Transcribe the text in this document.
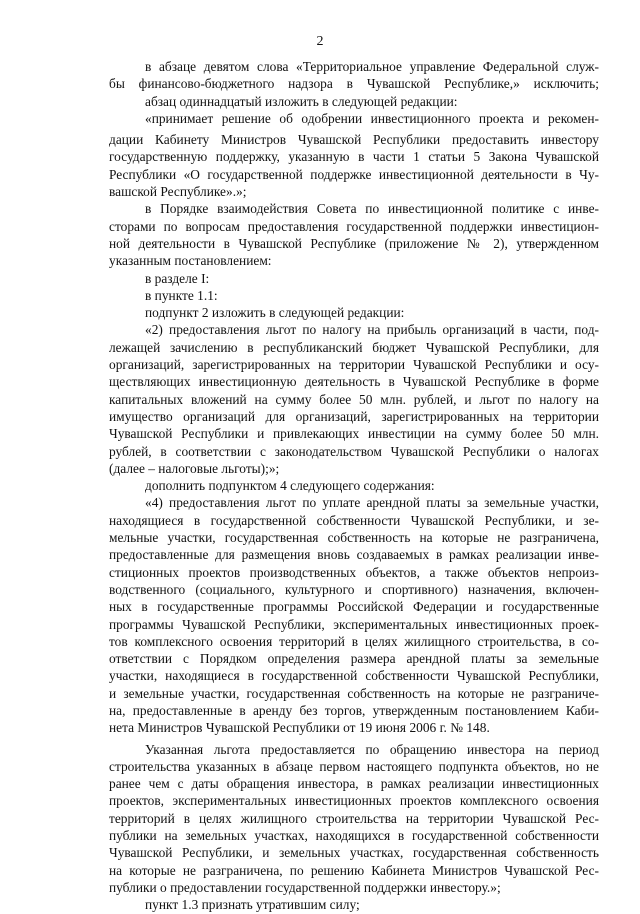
2
в абзаце девятом слова «Территориальное управление Федеральной служ-
бы финансово-бюджетного надзора в Чувашской Республике,» исключить;
абзац одиннадцатый изложить в следующей редакции:
«принимает решение об одобрении инвестиционного проекта и рекомен-
дации Кабинету Министров Чувашской Республики предоставить инвестору
государственную поддержку, указанную в части 1 статьи 5 Закона Чувашской
Республики «О государственной поддержке инвестиционной деятельности в Чу-
вашской Республике».»;
в Порядке взаимодействия Совета по инвестиционной политике с инве-
сторами по вопросам предоставления государственной поддержки инвестицион-
ной деятельности в Чувашской Республике (приложение № 2), утвержденном
указанным постановлением:
в разделе I:
в пункте 1.1:
подпункт 2 изложить в следующей редакции:
«2) предоставления льгот по налогу на прибыль организаций в части, под-
лежащей зачислению в республиканский бюджет Чувашской Республики, для
организаций, зарегистрированных на территории Чувашской Республики и осу-
ществляющих инвестиционную деятельность в Чувашской Республике в форме
капитальных вложений на сумму более 50 млн. рублей, и льгот по налогу на
имущество организаций для организаций, зарегистрированных на территории
Чувашской Республики и привлекающих инвестиции на сумму более 50 млн.
рублей, в соответствии с законодательством Чувашской Республики о налогах
(далее – налоговые льготы);»;
дополнить подпунктом 4 следующего содержания:
«4) предоставления льгот по уплате арендной платы за земельные участки,
находящиеся в государственной собственности Чувашской Республики, и зе-
мельные участки, государственная собственность на которые не разграничена,
предоставленные для размещения вновь создаваемых в рамках реализации инве-
стиционных проектов производственных объектов, а также объектов непроиз-
водственного (социального, культурного и спортивного) назначения, включен-
ных в государственные программы Российской Федерации и государственные
программы Чувашской Республики, экспериментальных инвестиционных проек-
тов комплексного освоения территорий в целях жилищного строительства, в со-
ответствии с Порядком определения размера арендной платы за земельные
участки, находящиеся в государственной собственности Чувашской Республики,
и земельные участки, государственная собственность на которые не разграниче-
на, предоставленные в аренду без торгов, утвержденным постановлением Каби-
нета Министров Чувашской Республики от 19 июня 2006 г. № 148.
Указанная льгота предоставляется по обращению инвестора на период
строительства указанных в абзаце первом настоящего подпункта объектов, но не
ранее чем с даты обращения инвестора, в рамках реализации инвестиционных
проектов, экспериментальных инвестиционных проектов комплексного освоения
территорий в целях жилищного строительства на территории Чувашской Рес-
публики на земельных участках, находящихся в государственной собственности
Чувашской Республики, и земельных участках, государственная собственность
на которые не разграничена, по решению Кабинета Министров Чувашской Рес-
публики о предоставлении государственной поддержки инвестору.»;
пункт 1.3 признать утратившим силу;
